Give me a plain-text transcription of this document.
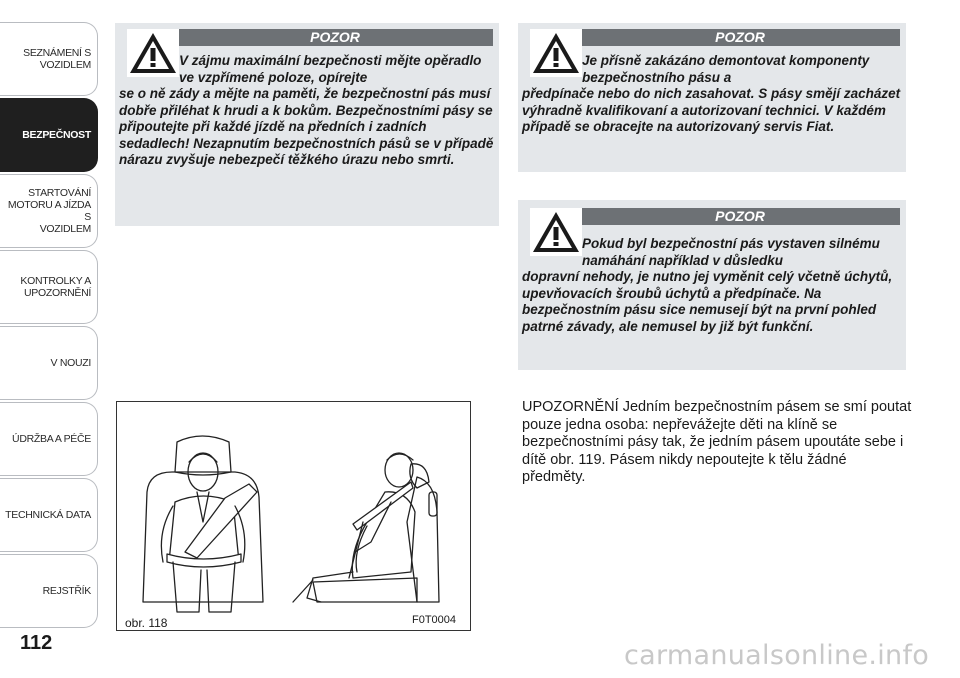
SEZNÁMENÍ S
VOZIDLEM
BEZPEČNOST
STARTOVÁNÍ
MOTORU A JÍZDA S
VOZIDLEM
KONTROLKY A
UPOZORNĚNÍ
V NOUZI
ÚDRŽBA A PÉČE
TECHNICKÁ DATA
REJSTŘÍK
112
POZOR
V zájmu maximální bezpečnosti mějte opěradlo ve vzpřímené poloze, opírejte
se o ně zády a mějte na paměti, že bezpečnostní pás musí dobře přiléhat k hrudi a k bokům. Bezpečnostními pásy se připoutejte při každé jízdě na předních i zadních sedadlech! Nezapnutím bezpečnostních pásů se v případě nárazu zvyšuje nebezpečí těžkého úrazu nebo smrti.
POZOR
Je přísně zakázáno demontovat komponenty bezpečnostního pásu a
předpínače nebo do nich zasahovat. S pásy smějí zacházet výhradně kvalifikovaní a autorizovaní technici. V každém případě se obracejte na autorizovaný servis Fiat.
POZOR
Pokud byl bezpečnostní pás vystaven silnému namáhání například v důsledku
dopravní nehody, je nutno jej vyměnit celý včetně úchytů, upevňovacích šroubů úchytů a předpínače. Na bezpečnostním pásu sice nemusejí být na první pohled patrné závady, ale nemusel by již být funkční.
UPOZORNĚNÍ Jedním bezpečnostním pásem se smí poutat pouze jedna osoba: nepřevážejte děti na klíně se bezpečnostními pásy tak, že jedním pásem upoutáte sebe i dítě obr. 119. Pásem nikdy nepoutejte k tělu žádné předměty.
obr. 118	F0T0004
carmanualsonline.info
